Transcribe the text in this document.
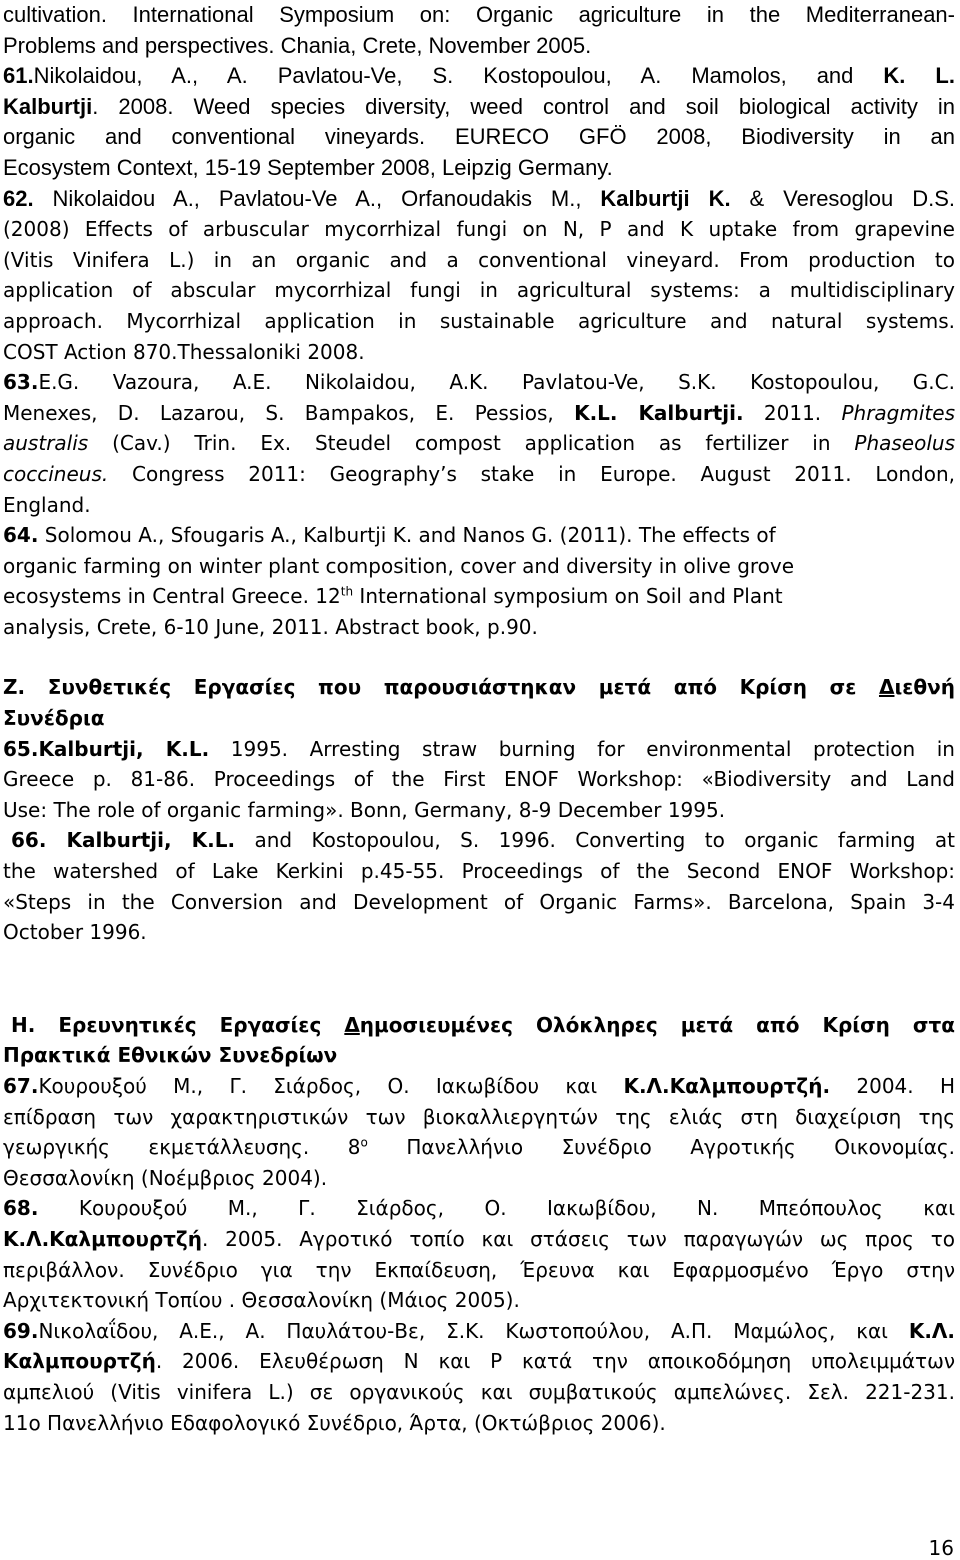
cultivation. International Symposium on: Organic agriculture in the Mediterranean-

Problems and perspectives. Chania, Crete, November 2005.

61.Nikolaidou, A., A. Pavlatou-Ve, S. Kostopoulou, A. Mamolos, and K. L.

Kalburtji. 2008. Weed species diversity, weed control and soil biological activity in

organic and conventional vineyards. EURECO GFÖ 2008, Biodiversity in an

Ecosystem Context, 15-19 September 2008, Leipzig Germany.

62. Nikolaidou A., Pavlatou-Ve A., Orfanoudakis M., Kalburtji K. & Veresoglou D.S.

(2008) Effects of arbuscular mycorrhizal fungi on N, P and K uptake from grapevine

(Vitis Vinifera L.) in an organic and a conventional vineyard. From production to

application of abscular mycorrhizal fungi in agricultural systems: a multidisciplinary

approach. Mycorrhizal application in sustainable agriculture and natural systems.

COST Action 870.Thessaloniki 2008.

63.E.G. Vazoura, A.E. Nikolaidou, A.K. Pavlatou-Ve, S.K. Kostopoulou, G.C.

Menexes, D. Lazarou, S. Bampakos, E. Pessios, K.L. Kalburtji. 2011. Phragmites

australis (Cav.) Trin. Ex. Steudel compost application as fertilizer in Phaseolus

coccineus. Congress 2011: Geography’s stake in Europe. August 2011. London,

England.

64. Solomou A., Sfougaris A., Kalburtji K. and Nanos G. (2011). The effects of

organic farming on winter plant composition, cover and diversity in olive grove

ecosystems in Central Greece. 12th International symposium on Soil and Plant

analysis, Crete, 6-10 June, 2011. Abstract book, p.90.

Ζ. Συνθετικές Εργασίες που παρουσιάστηκαν μετά από Κρίση σε Διεθνή

Συνέδρια

65.Kalburtji, K.L. 1995. Arresting straw burning for environmental protection in

Greece p. 81-86. Proceedings of the First ENOF Workshop: «Biodiversity and Land

Use: The role of organic farming». Bonn, Germany, 8-9 December 1995.

66. Kalburtji, K.L. and Kostopoulou, S. 1996. Converting to organic farming at

the watershed of Lake Kerkini p.45-55. Proceedings of the Second ENOF Workshop:

«Steps in the Conversion and Development of Organic Farms». Barcelona, Spain 3-4

October 1996.

Η. Ερευνητικές Εργασίες Δημοσιευμένες Ολόκληρες μετά από Κρίση στα

Πρακτικά Εθνικών Συνεδρίων

67.Κουρουξού Μ., Γ. Σιάρδος, Ο. Ιακωβίδου και Κ.Λ.Καλμπουρτζή. 2004. Η

επίδραση των χαρακτηριστικών των βιοκαλλιεργητών της ελιάς στη διαχείριση της

γεωργικής εκμετάλλευσης. $8^o$ Πανελλήνιο Συνέδριο Αγροτικής Οικονομίας.

Θεσσαλονίκη (Νοέμβριος 2004).

68. Κουρουξού Μ., Γ. Σιάρδος, Ο. Ιακωβίδου, Ν. Μπεόπουλος και

Κ.Λ.Καλμπουρτζή. 2005. Αγροτικό τοπίο και στάσεις των παραγωγών ως προς το

περιβάλλον. Συνέδριο για την Εκπαίδευση, Έρευνα και Εφαρμοσμένο Έργο στην

Αρχιτεκτονική Τοπίου . Θεσσαλονίκη (Μάιος 2005).

69.Νικολαΐδου, Α.Ε., Α. Παυλάτου-Βε, Σ.Κ. Κωστοπούλου, Α.Π. Μαμώλος, και Κ.Λ.

Καλμπουρτζή. 2006. Ελευθέρωση Ν και Ρ κατά την αποικοδόμηση υπολειμμάτων

αμπελιού (Vitis vinifera L.) σε οργανικούς και συμβατικούς αμπελώνες. Σελ. 221-231.

11ο Πανελλήνιο Εδαφολογικό Συνέδριο, Άρτα, (Οκτώβριος 2006).

16
